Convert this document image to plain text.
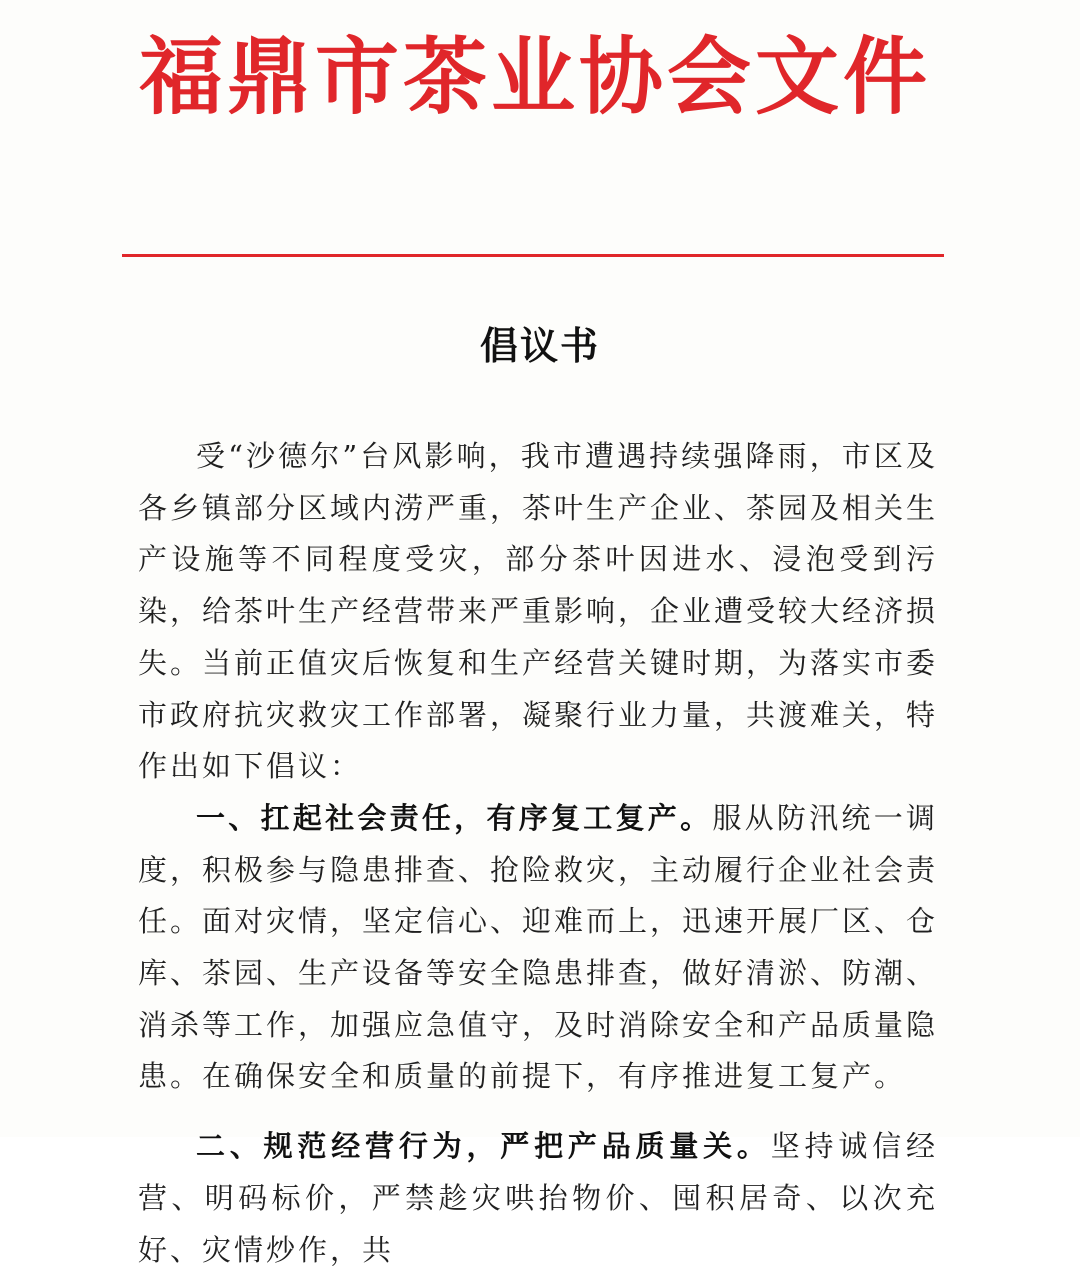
福鼎市茶业协会文件
倡议书

受“沙德尔”台风影响，我市遭遇持续强降雨，市区及各乡镇部分区域内涝严重，茶叶生产企业、茶园及相关生产设施等不同程度受灾，部分茶叶因进水、浸泡受到污染，给茶叶生产经营带来严重影响，企业遭受较大经济损失。当前正值灾后恢复和生产经营关键时期，为落实市委市政府抗灾救灾工作部署，凝聚行业力量，共渡难关，特作出如下倡议：

一、扛起社会责任，有序复工复产。服从防汛统一调度，积极参与隐患排查、抢险救灾，主动履行企业社会责任。面对灾情，坚定信心、迎难而上，迅速开展厂区、仓库、茶园、生产设备等安全隐患排查，做好清淤、防潮、消杀等工作，加强应急值守，及时消除安全和产品质量隐患。在确保安全和质量的前提下，有序推进复工复产。

二、规范经营行为，严把产品质量关。坚持诚信经营、明码标价，严禁趁灾哄抬物价、囤积居奇、以次充好、灾情炒作，共
